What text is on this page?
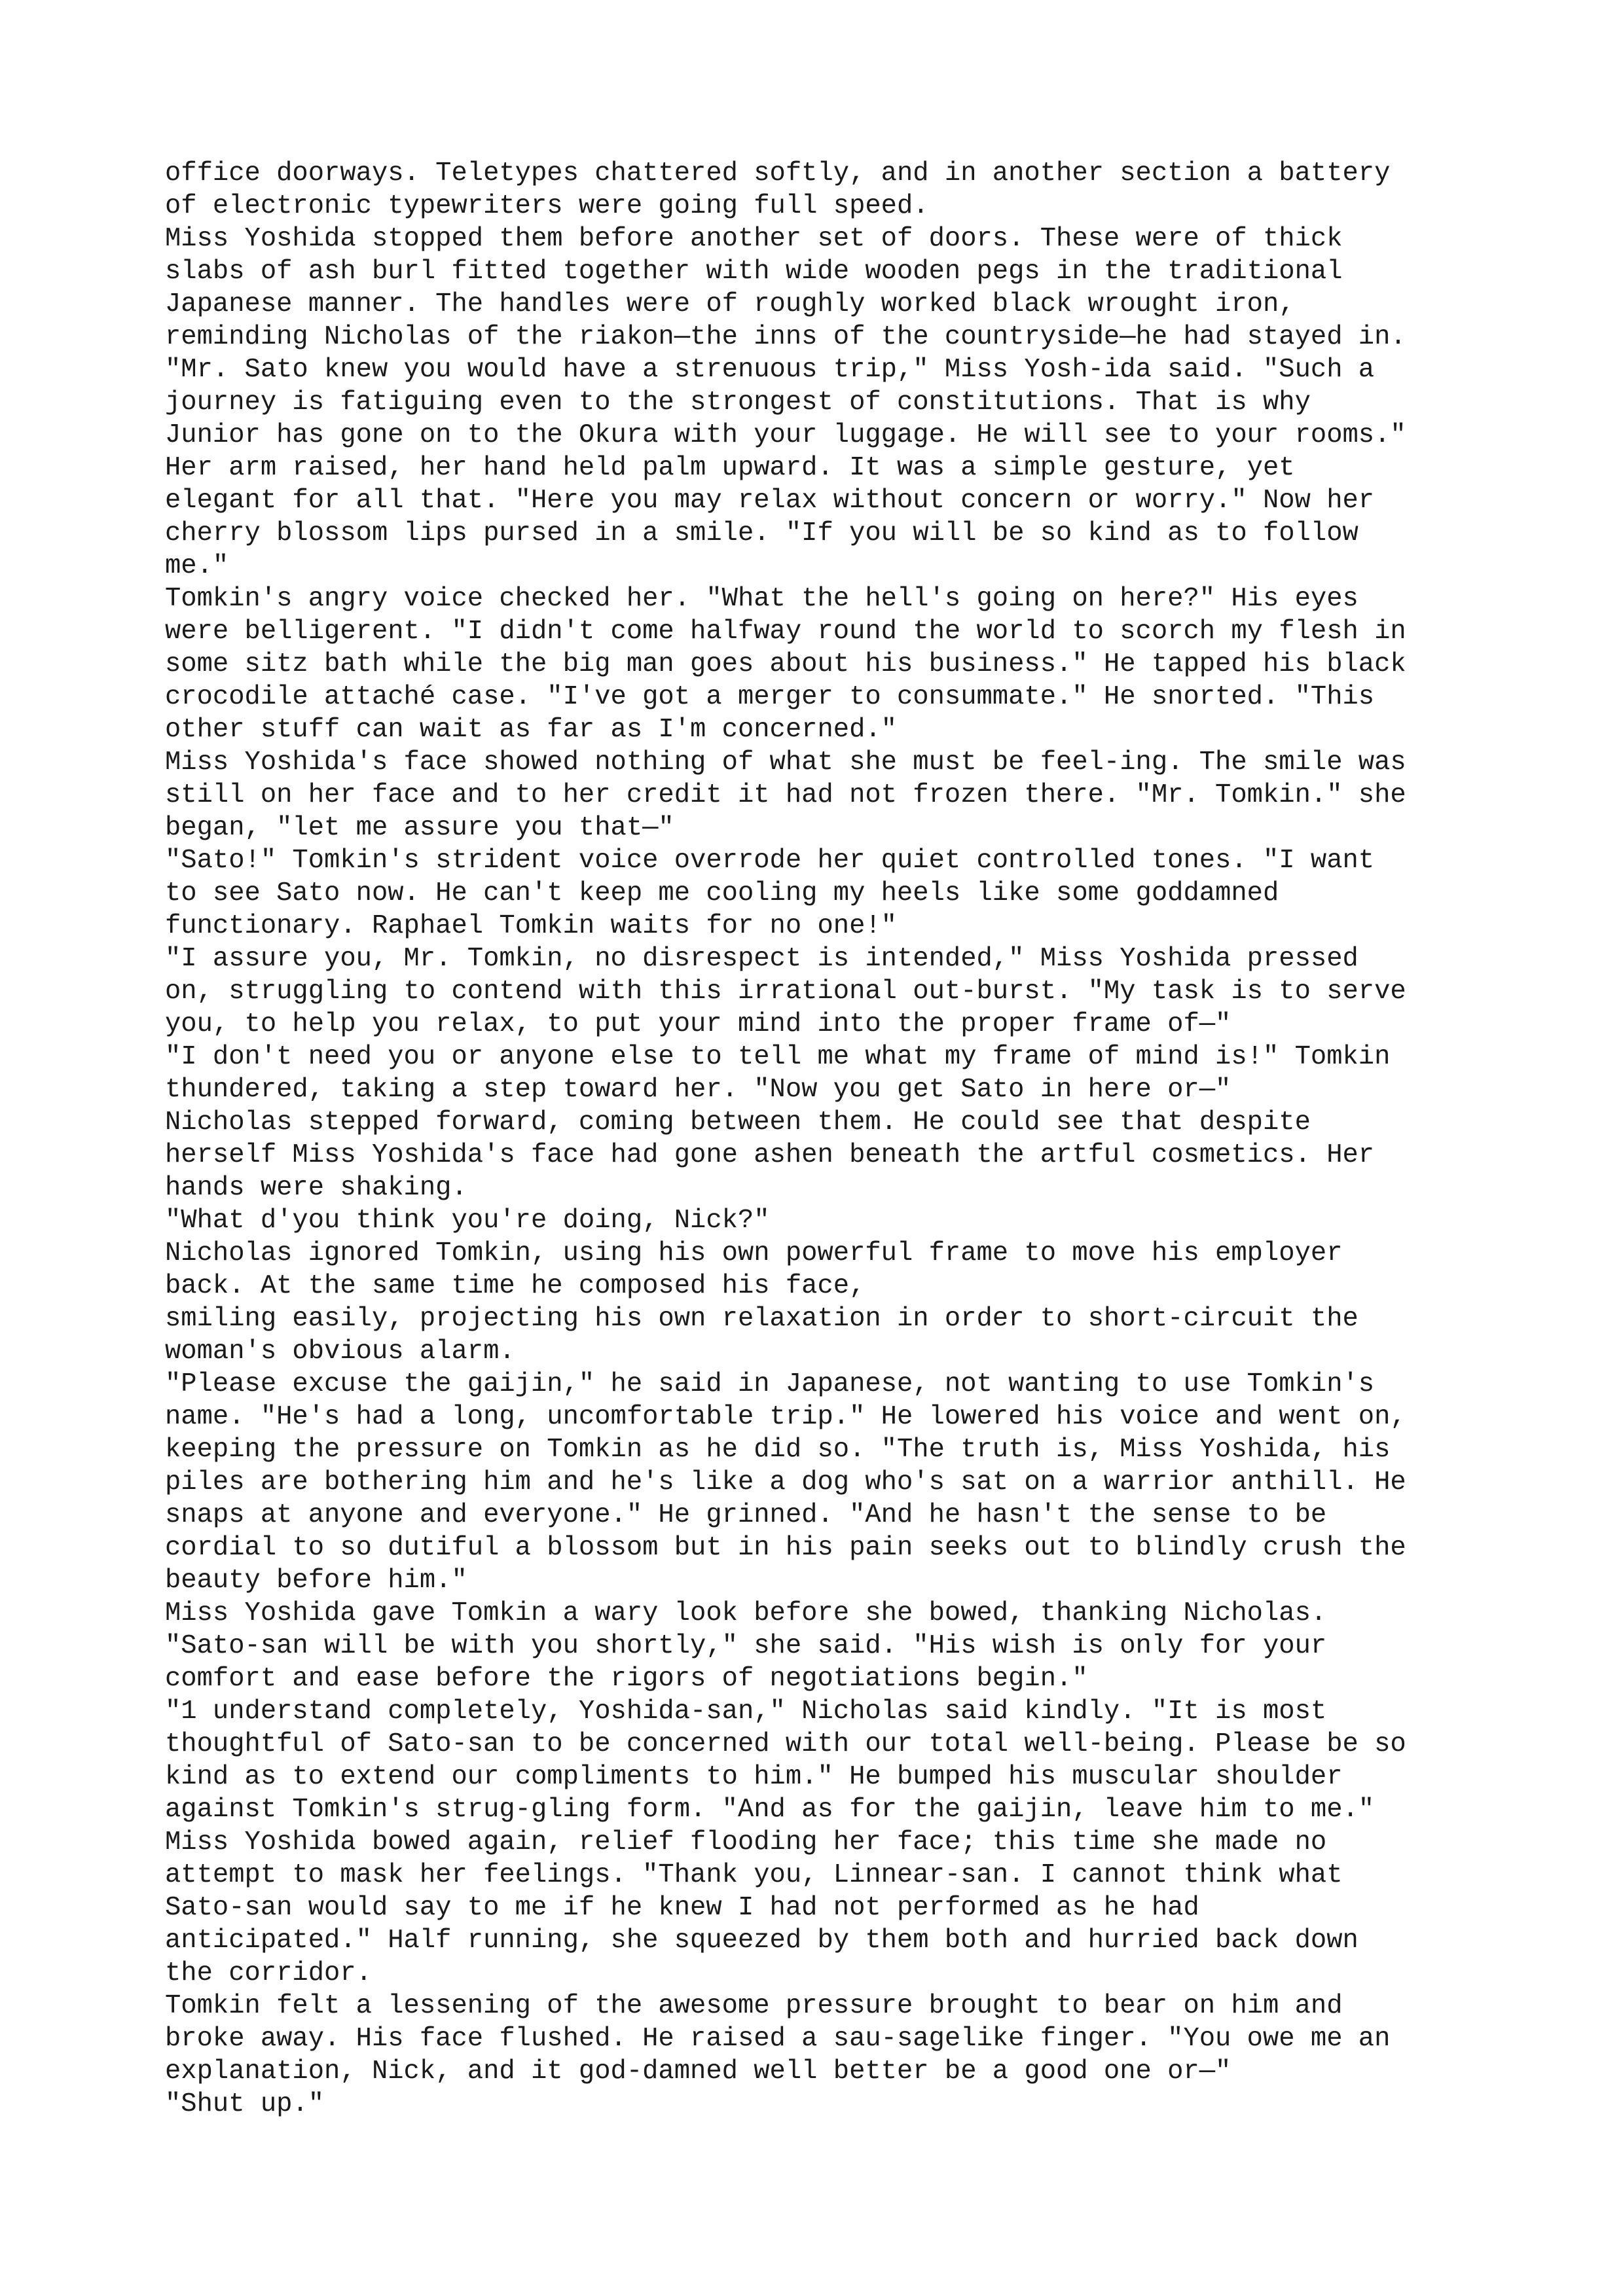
office doorways. Teletypes chattered softly, and in another section a battery
of electronic typewriters were going full speed.
Miss Yoshida stopped them before another set of doors. These were of thick
slabs of ash burl fitted together with wide wooden pegs in the traditional
Japanese manner. The handles were of roughly worked black wrought iron,
reminding Nicholas of the riakon—the inns of the countryside—he had stayed in.
"Mr. Sato knew you would have a strenuous trip," Miss Yosh-ida said. "Such a
journey is fatiguing even to the strongest of constitutions. That is why
Junior has gone on to the Okura with your luggage. He will see to your rooms."
Her arm raised, her hand held palm upward. It was a simple gesture, yet
elegant for all that. "Here you may relax without concern or worry." Now her
cherry blossom lips pursed in a smile. "If you will be so kind as to follow
me."
Tomkin's angry voice checked her. "What the hell's going on here?" His eyes
were belligerent. "I didn't come halfway round the world to scorch my flesh in
some sitz bath while the big man goes about his business." He tapped his black
crocodile attaché case. "I've got a merger to consummate." He snorted. "This
other stuff can wait as far as I'm concerned."
Miss Yoshida's face showed nothing of what she must be feel-ing. The smile was
still on her face and to her credit it had not frozen there. "Mr. Tomkin." she
began, "let me assure you that—"
"Sato!" Tomkin's strident voice overrode her quiet controlled tones. "I want
to see Sato now. He can't keep me cooling my heels like some goddamned
functionary. Raphael Tomkin waits for no one!"
"I assure you, Mr. Tomkin, no disrespect is intended," Miss Yoshida pressed
on, struggling to contend with this irrational out-burst. "My task is to serve
you, to help you relax, to put your mind into the proper frame of—"
"I don't need you or anyone else to tell me what my frame of mind is!" Tomkin
thundered, taking a step toward her. "Now you get Sato in here or—"
Nicholas stepped forward, coming between them. He could see that despite
herself Miss Yoshida's face had gone ashen beneath the artful cosmetics. Her
hands were shaking.
"What d'you think you're doing, Nick?"
Nicholas ignored Tomkin, using his own powerful frame to move his employer
back. At the same time he composed his face,
smiling easily, projecting his own relaxation in order to short-circuit the
woman's obvious alarm.
"Please excuse the gaijin," he said in Japanese, not wanting to use Tomkin's
name. "He's had a long, uncomfortable trip." He lowered his voice and went on,
keeping the pressure on Tomkin as he did so. "The truth is, Miss Yoshida, his
piles are bothering him and he's like a dog who's sat on a warrior anthill. He
snaps at anyone and everyone." He grinned. "And he hasn't the sense to be
cordial to so dutiful a blossom but in his pain seeks out to blindly crush the
beauty before him."
Miss Yoshida gave Tomkin a wary look before she bowed, thanking Nicholas.
"Sato-san will be with you shortly," she said. "His wish is only for your
comfort and ease before the rigors of negotiations begin."
"1 understand completely, Yoshida-san," Nicholas said kindly. "It is most
thoughtful of Sato-san to be concerned with our total well-being. Please be so
kind as to extend our compliments to him." He bumped his muscular shoulder
against Tomkin's strug-gling form. "And as for the gaijin, leave him to me."
Miss Yoshida bowed again, relief flooding her face; this time she made no
attempt to mask her feelings. "Thank you, Linnear-san. I cannot think what
Sato-san would say to me if he knew I had not performed as he had
anticipated." Half running, she squeezed by them both and hurried back down
the corridor.
Tomkin felt a lessening of the awesome pressure brought to bear on him and
broke away. His face flushed. He raised a sau-sagelike finger. "You owe me an
explanation, Nick, and it god-damned well better be a good one or—"
"Shut up."
